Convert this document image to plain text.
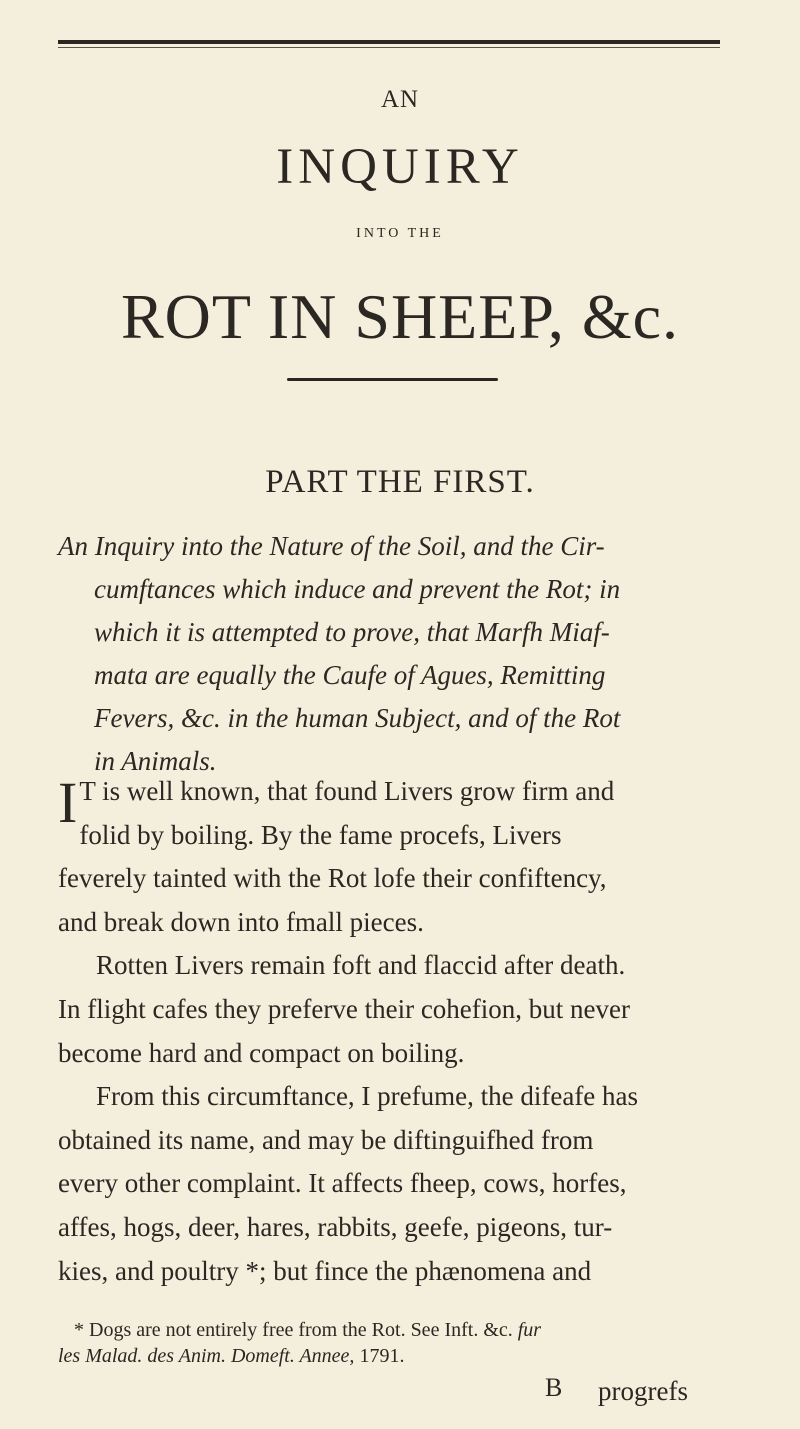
AN
INQUIRY
INTO THE
ROT IN SHEEP, &c.
PART THE FIRST.
An Inquiry into the Nature of the Soil, and the Cir-
cumftances which induce and prevent the Rot; in
which it is attempted to prove, that Marfh Miaf-
mata are equally the Caufe of Agues, Remitting
Fevers, &c. in the human Subject, and of the Rot
in Animals.
I T is well known, that found Livers grow firm and
folid by boiling. By the fame procefs, Livers
feverely tainted with the Rot lofe their confiftency,
and break down into fmall pieces.
Rotten Livers remain foft and flaccid after death.
In flight cafes they preferve their cohefion, but never
become hard and compact on boiling.
From this circumftance, I prefume, the difeafe has
obtained its name, and may be diftinguifhed from
every other complaint. It affects fheep, cows, horfes,
affes, hogs, deer, hares, rabbits, geefe, pigeons, tur-
kies, and poultry *; but fince the phænomena and
* Dogs are not entirely free from the Rot. See Inft. &c. fur
les Malad. des Anim. Domeft. Annee, 1791.
B progrefs
